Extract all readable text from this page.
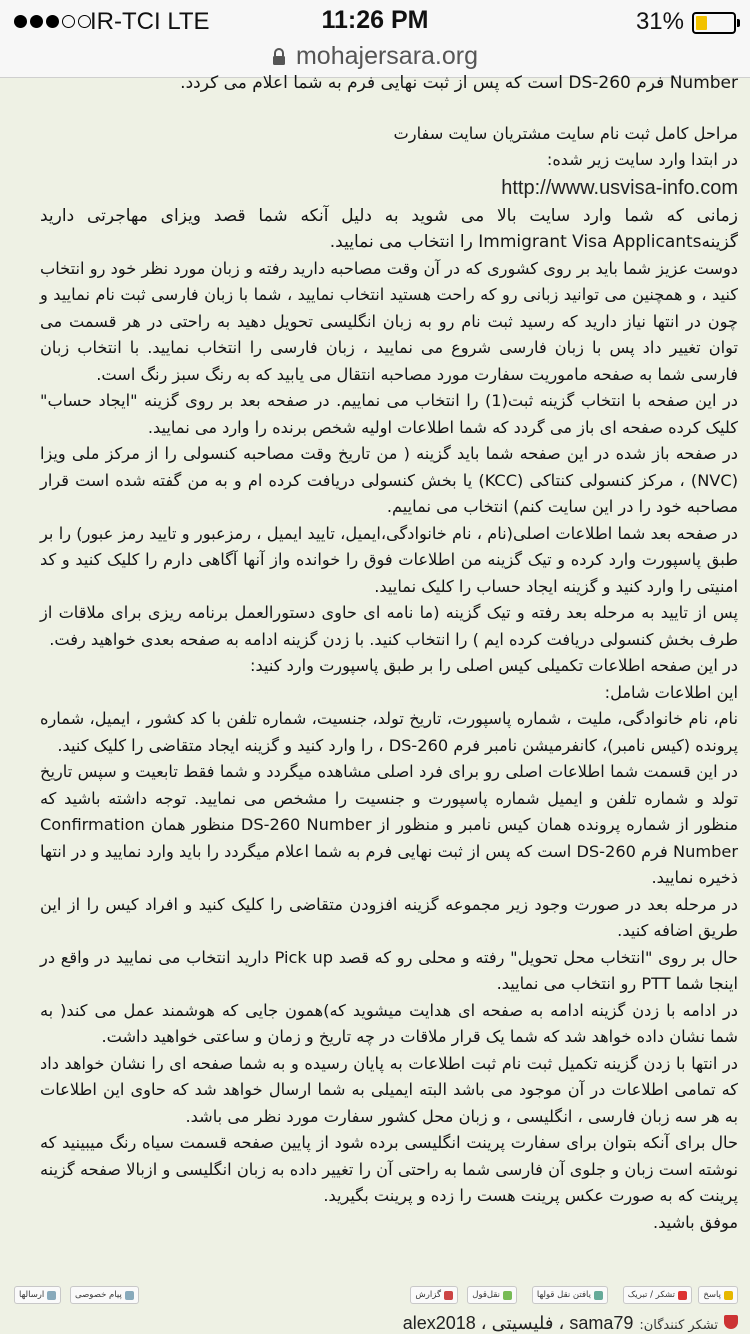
IR-TCI LTE	11:26 PM	31%
mohajersara.org

Number فرم DS-260 است که پس از ثبت نهایی فرم به شما اعلام می کردد.

مراحل کامل ثبت نام سایت مشتریان سایت سفارت

در ابتدا وارد سایت زیر شده:

http://www.usvisa-info.com

زمانی که شما وارد سایت بالا می شوید به دلیل آنکه شما قصد ویزای مهاجرتی دارید گزینهImmigrant Visa Applicants را انتخاب می نمایید.

دوست عزیز شما باید بر روی کشوری که در آن وقت مصاحبه دارید رفته و زبان مورد نظر خود رو انتخاب کنید ، و همچنین می توانید زبانی رو که راحت هستید انتخاب نمایید ، شما با زبان فارسی ثبت نام نمایید و چون در انتها نیاز دارید که رسید ثبت نام رو به زبان انگلیسی تحویل دهید به راحتی در هر قسمت می توان تغییر داد پس با زبان فارسی شروع می نمایید ، زبان فارسی را انتخاب نمایید. با انتخاب زبان فارسی شما به صفحه ماموریت سفارت مورد مصاحبه انتقال می یابید که به رنگ سبز رنگ است.

در این صفحه با انتخاب گزینه ثبت(1) را انتخاب می نماییم. در صفحه بعد بر روی گزینه "ایجاد حساب" کلیک کرده صفحه ای باز می گردد که شما اطلاعات اولیه شخص برنده را وارد می نمایید.

در صفحه باز شده در این صفحه شما باید گزینه ( من تاریخ وقت مصاحبه کنسولی را از مرکز ملی ویزا (NVC) ، مرکز کنسولی کنتاکی (KCC) یا بخش کنسولی دریافت کرده ام و به من گفته شده است قرار مصاحبه خود را در این سایت کنم) انتخاب می نماییم.

در صفحه بعد شما اطلاعات اصلی(نام ، نام خانوادگی،ایمیل، تایید ایمیل ، رمزعبور و تایید رمز عبور) را بر طبق پاسپورت وارد کرده و تیک گزینه من اطلاعات فوق را خوانده واز آنها آگاهی دارم را کلیک کنید و کد امنیتی را وارد کنید و گزینه ایجاد حساب را کلیک نمایید.

پس از تایید به مرحله بعد رفته و تیک گزینه (ما نامه ای حاوی دستورالعمل برنامه ریزی برای ملاقات از طرف بخش کنسولی دریافت کرده ایم ) را انتخاب کنید. با زدن گزینه ادامه به صفحه بعدی خواهید رفت.

در این صفحه اطلاعات تکمیلی کیس اصلی را بر طبق پاسپورت وارد کنید:

این اطلاعات شامل:

نام، نام خانوادگی، ملیت ، شماره پاسپورت، تاریخ تولد، جنسیت، شماره تلفن با کد کشور ، ایمیل، شماره پرونده (کیس نامبر)، کانفرمیشن نامبر فرم DS-260 ، را وارد کنید و گزینه ایجاد متقاضی را کلیک کنید.

در این قسمت شما اطلاعات اصلی رو برای فرد اصلی مشاهده میگردد و شما فقط تابعیت و سپس تاریخ تولد و شماره تلفن و ایمیل شماره پاسپورت و جنسیت را مشخص می نمایید. توجه داشته باشید که منظور از شماره پرونده همان کیس نامبر و منظور از DS-260 Number منظور همان Confirmation Number فرم DS-260 است که پس از ثبت نهایی فرم به شما اعلام میگردد را باید وارد نمایید و در انتها ذخیره نمایید.

در مرحله بعد در صورت وجود زیر مجموعه گزینه افزودن متقاضی را کلیک کنید و افراد کیس را از این طریق اضافه کنید.

حال بر روی "انتخاب محل تحویل" رفته و محلی رو که قصد Pick up دارید انتخاب می نمایید در واقع در اینجا شما PTT رو انتخاب می نمایید.

در ادامه با زدن گزینه ادامه به صفحه ای هدایت میشوید که)همون جایی که هوشمند عمل می کند( به شما نشان داده خواهد شد که شما یک قرار ملاقات در چه تاریخ و زمان و ساعتی خواهید داشت.

در انتها با زدن گزینه تکمیل ثبت نام ثبت اطلاعات به پایان رسیده و به شما صفحه ای را نشان خواهد داد که تمامی اطلاعات در آن موجود می باشد البته ایمیلی به شما ارسال خواهد شد که حاوی این اطلاعات به هر سه زبان فارسی ، انگلیسی ، و زبان محل کشور سفارت مورد نظر می باشد.

حال برای آنکه بتوان برای سفارت پرینت انگلیسی برده شود از پایین صفحه قسمت سیاه رنگ میبینید که نوشته است زبان و جلوی آن فارسی شما به راحتی آن را تغییر داده به زبان انگلیسی و ازبالا صفحه گزینه پرینت که به صورت عکس پرینت هست را زده و پرینت بگیرید.

موفق باشید.

پاسخ
تشکر / تبریک
یافتن نقل قولها
نقل‌قول
گزارش
پیام خصوصی
ارسالها
تشکر کنندگان:
sama79 ، فلیسیتی ، alex2018
